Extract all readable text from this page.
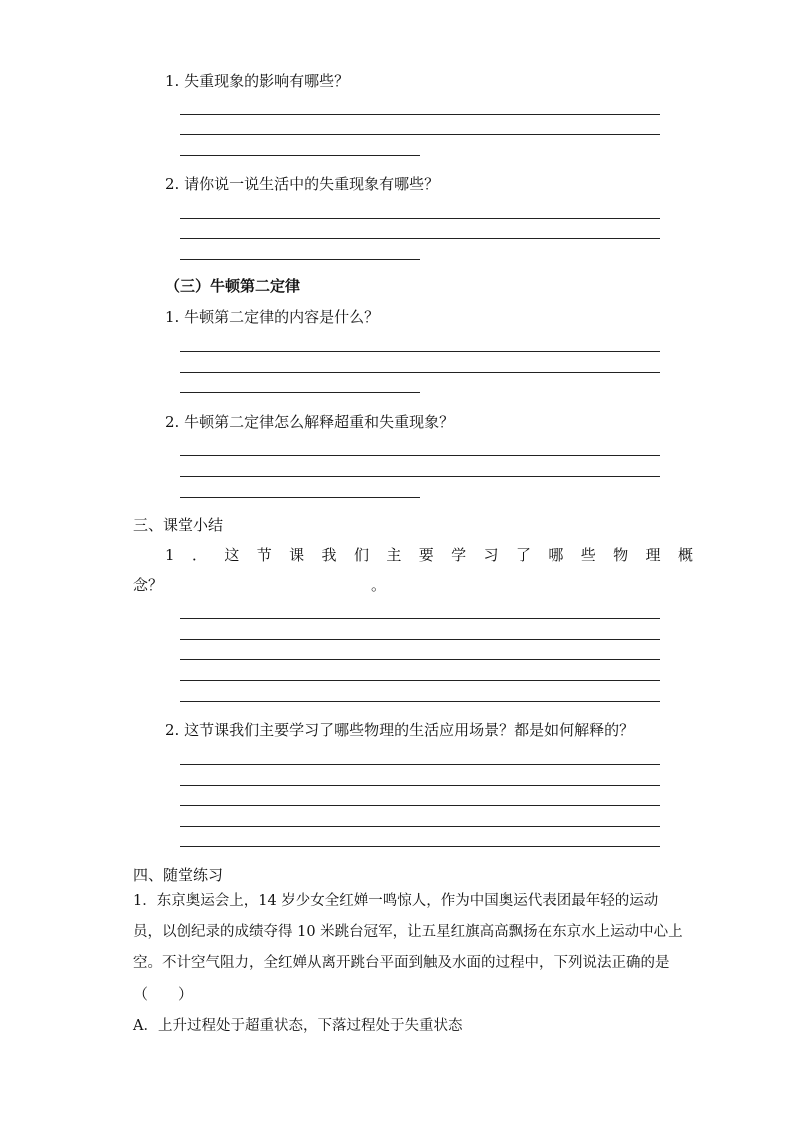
1. 失重现象的影响有哪些？
2. 请你说一说生活中的失重现象有哪些？
（三）牛顿第二定律
1. 牛顿第二定律的内容是什么？
2. 牛顿第二定律怎么解释超重和失重现象？
三、课堂小结
1．这节课我们主要学习了哪些物理概
念？	。
2. 这节课我们主要学习了哪些物理的生活应用场景？都是如何解释的？
四、随堂练习
1．东京奥运会上，14 岁少女全红婵一鸣惊人，作为中国奥运代表团最年轻的运动
员，以创纪录的成绩夺得 10 米跳台冠军，让五星红旗高高飘扬在东京水上运动中心上
空。不计空气阻力，全红婵从离开跳台平面到触及水面的过程中，下列说法正确的是
（　　）
A．上升过程处于超重状态，下落过程处于失重状态
